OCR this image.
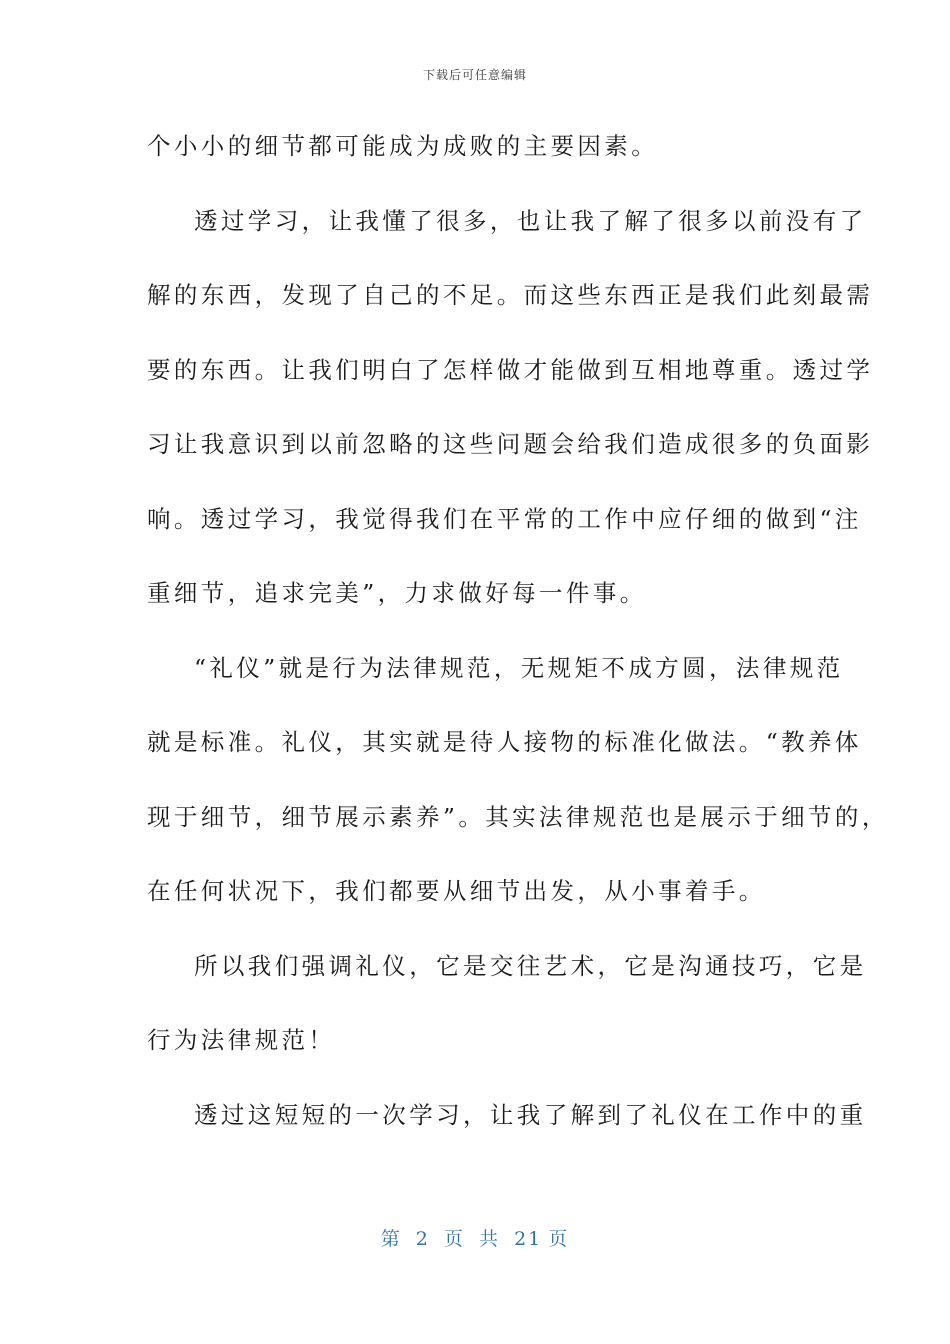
下载后可任意编辑
个小小的细节都可能成为成败的主要因素。
透过学习，让我懂了很多，也让我了解了很多以前没有了
解的东西，发现了自己的不足。而这些东西正是我们此刻最需
要的东西。让我们明白了怎样做才能做到互相地尊重。透过学
习让我意识到以前忽略的这些问题会给我们造成很多的负面影
响。透过学习，我觉得我们在平常的工作中应仔细的做到“注
重细节，追求完美”，力求做好每一件事。
“礼仪”就是行为法律规范，无规矩不成方圆，法律规范
就是标准。礼仪，其实就是待人接物的标准化做法。“教养体
现于细节，细节展示素养”。其实法律规范也是展示于细节的，
在任何状况下，我们都要从细节出发，从小事着手。
所以我们强调礼仪，它是交往艺术，它是沟通技巧，它是
行为法律规范！
透过这短短的一次学习，让我了解到了礼仪在工作中的重
第 2 页 共 21 页
